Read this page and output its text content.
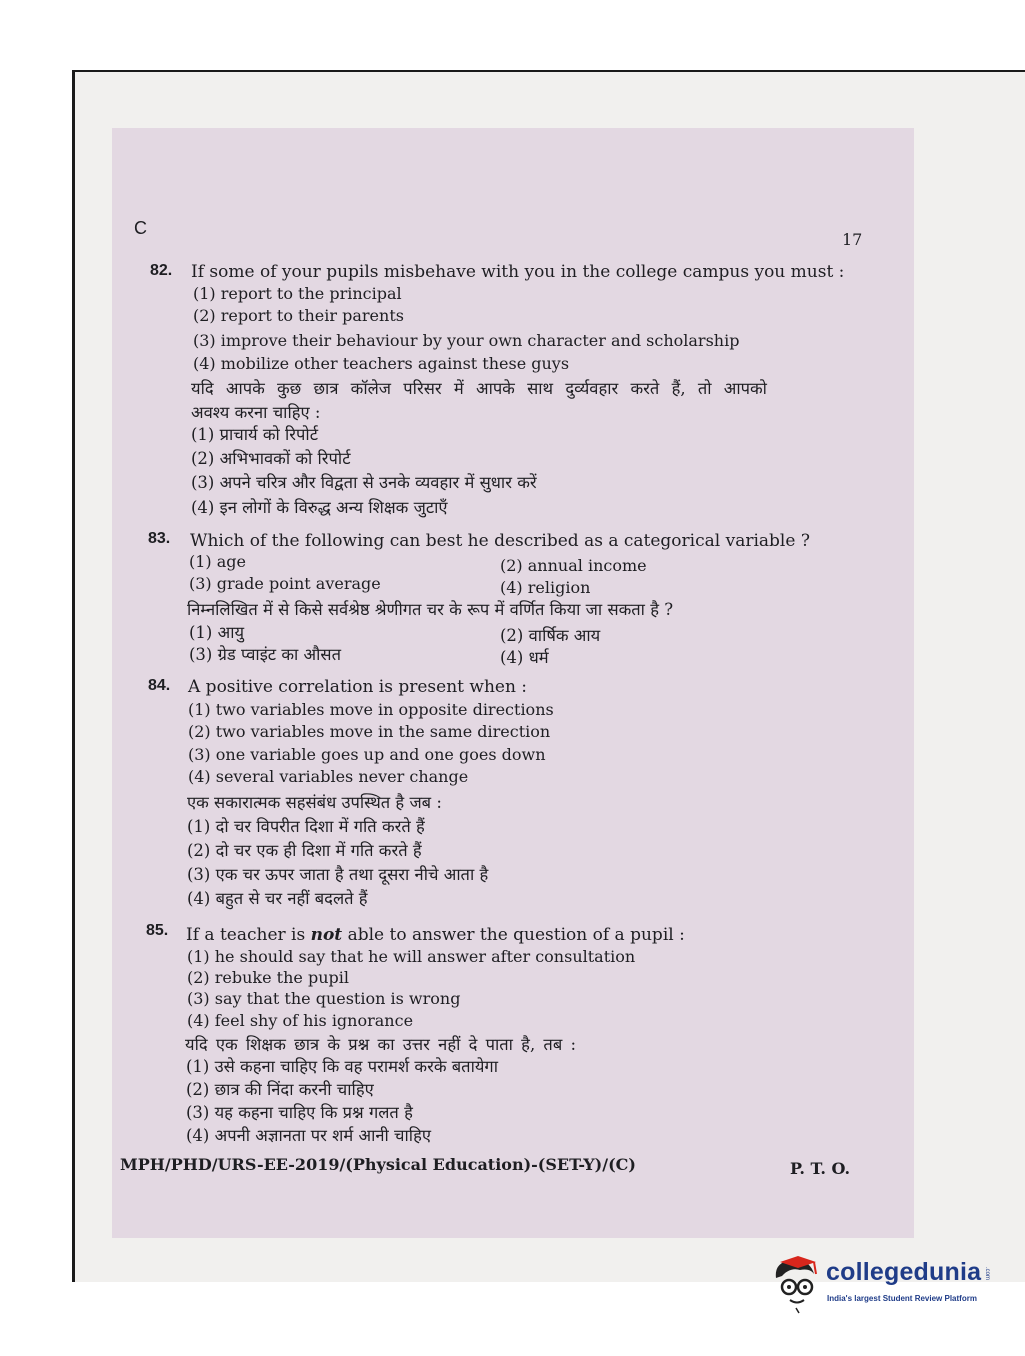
C
17
82. If some of your pupils misbehave with you in the college campus you must :
(1) report to the principal
(2) report to their parents
(3) improve their behaviour by your own character and scholarship
(4) mobilize other teachers against these guys
यदि आपके कुछ छात्र कॉलेज परिसर में आपके साथ दुर्व्यवहार करते हैं, तो आपको
अवश्य करना चाहिए :
(1) प्राचार्य को रिपोर्ट
(2) अभिभावकों को रिपोर्ट
(3) अपने चरित्र और विद्वता से उनके व्यवहार में सुधार करें
(4) इन लोगों के विरुद्ध अन्य शिक्षक जुटाएँ
83. Which of the following can best he described as a categorical variable ?
(1) age	(2) annual income
(3) grade point average	(4) religion
निम्नलिखित में से किसे सर्वश्रेष्ठ श्रेणीगत चर के रूप में वर्णित किया जा सकता है ?
(1) आयु	(2) वार्षिक आय
(3) ग्रेड प्वाइंट का औसत	(4) धर्म
84. A positive correlation is present when :
(1) two variables move in opposite directions
(2) two variables move in the same direction
(3) one variable goes up and one goes down
(4) several variables never change
एक सकारात्मक सहसंबंध उपस्थित है जब :
(1) दो चर विपरीत दिशा में गति करते हैं
(2) दो चर एक ही दिशा में गति करते हैं
(3) एक चर ऊपर जाता है तथा दूसरा नीचे आता है
(4) बहुत से चर नहीं बदलते हैं
85. If a teacher is not able to answer the question of a pupil :
(1) he should say that he will answer after consultation
(2) rebuke the pupil
(3) say that the question is wrong
(4) feel shy of his ignorance
यदि एक शिक्षक छात्र के प्रश्न का उत्तर नहीं दे पाता है, तब :
(1) उसे कहना चाहिए कि वह परामर्श करके बतायेगा
(2) छात्र की निंदा करनी चाहिए
(3) यह कहना चाहिए कि प्रश्न गलत है
(4) अपनी अज्ञानता पर शर्म आनी चाहिए
MPH/PHD/URS-EE-2019/(Physical Education)-(SET-Y)/(C)	P. T. O.
collegedunia .com
India's largest Student Review Platform
